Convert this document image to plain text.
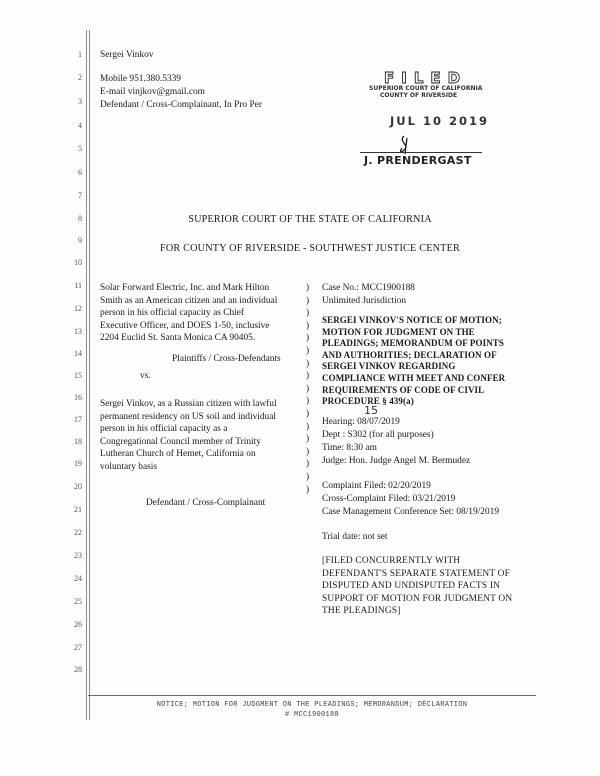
1
2
3
4
5
6
7
8
9
10
11
12
13
14
15
16
17
18
19
20
21
22
23
24
25
26
27
28
Sergei Vinkov
Mobile 951.380.5339
E-mail vinjkov@gmail.com
Defendant / Cross-Complainant, In Pro Per
FILED
SUPERIOR COURT OF CALIFORNIA
COUNTY OF RIVERSIDE
JUL 10 2019
J. PRENDERGAST
SUPERIOR COURT OF THE STATE OF CALIFORNIA
FOR COUNTY OF RIVERSIDE - SOUTHWEST JUSTICE CENTER
Solar Forward Electric, Inc. and Mark Hilton
Smith as an American citizen and an individual
person in his official capacity as Chief
Executive Officer, and DOES 1-50, inclusive
2204 Euclid St. Santa Monica CA 90405.
Plaintiffs / Cross-Defendants
vs.
Sergei Vinkov, as a Russian citizen with lawful
permanent residency on US soil and individual
person in his official capacity as a
Congregational Council member of Trinity
Lutheran Church of Hemet, California on
voluntary basis
Defendant / Cross-Complainant
)
)
)
)
)
)
)
)
)
)
)
)
)
)
)
)
)
Case No.: MCC1900188
Unlimited Jurisdiction
SERGEI VINKOV'S NOTICE OF MOTION;
MOTION FOR JUDGMENT ON THE
PLEADINGS; MEMORANDUM OF POINTS
AND AUTHORITIES; DECLARATION OF
SERGEI VINKOV REGARDING
COMPLIANCE WITH MEET AND CONFER
REQUIREMENTS OF CODE OF CIVIL
PROCEDURE § 439(a)
15
Hearing: 08/07/2019
Dept : S302 (for all purposes)
Time: 8:30 am
Judge: Hon. Judge Angel M. Bermudez
Complaint Filed: 02/20/2019
Cross-Complaint Filed: 03/21/2019
Case Management Conference Set: 08/19/2019
Trial date: not set
[FILED CONCURRENTLY WITH
DEFENDANT'S SEPARATE STATEMENT OF
DISPUTED AND UNDISPUTED FACTS IN
SUPPORT OF MOTION FOR JUDGMENT ON
THE PLEADINGS]
NOTICE; MOTION FOR JUDGMENT ON THE PLEADINGS; MEMORANDUM; DECLARATION
# MCC1900188
